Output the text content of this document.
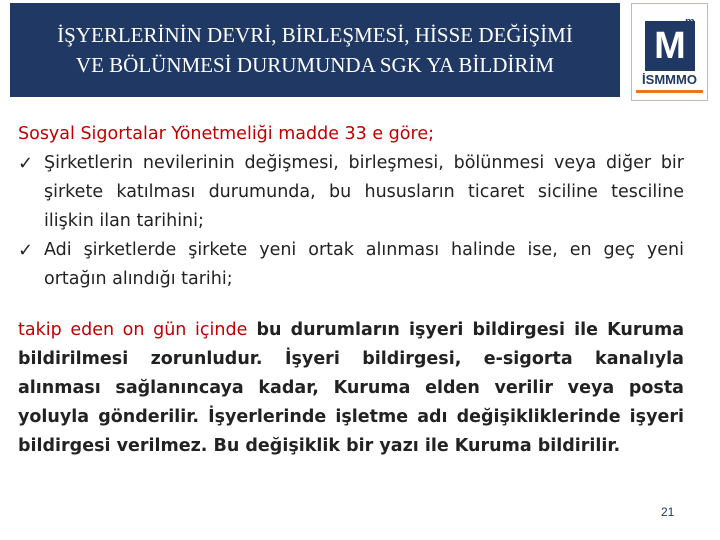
İŞYERLERİNİN DEVRİ, BİRLEŞMESİ, HİSSE DEĞİŞİMİ
VE BÖLÜNMESİ DURUMUNDA SGK YA BİLDİRİM	M
m
İSMMMO
Sosyal Sigortalar Yönetmeliği madde 33 e göre;
✓ Şirketlerin nevilerinin değişmesi, birleşmesi, bölünmesi veya diğer bir şirkete katılması durumunda, bu hususların ticaret siciline tesciline ilişkin ilan tarihini;
✓ Adi şirketlerde şirkete yeni ortak alınması halinde ise, en geç yeni ortağın alındığı tarihi;
takip eden on gün içinde bu durumların işyeri bildirgesi ile Kuruma bildirilmesi zorunludur. İşyeri bildirgesi, e-sigorta kanalıyla alınması sağlanıncaya kadar, Kuruma elden verilir veya posta yoluyla gönderilir. İşyerlerinde işletme adı değişikliklerinde işyeri bildirgesi verilmez. Bu değişiklik bir yazı ile Kuruma bildirilir.
21
